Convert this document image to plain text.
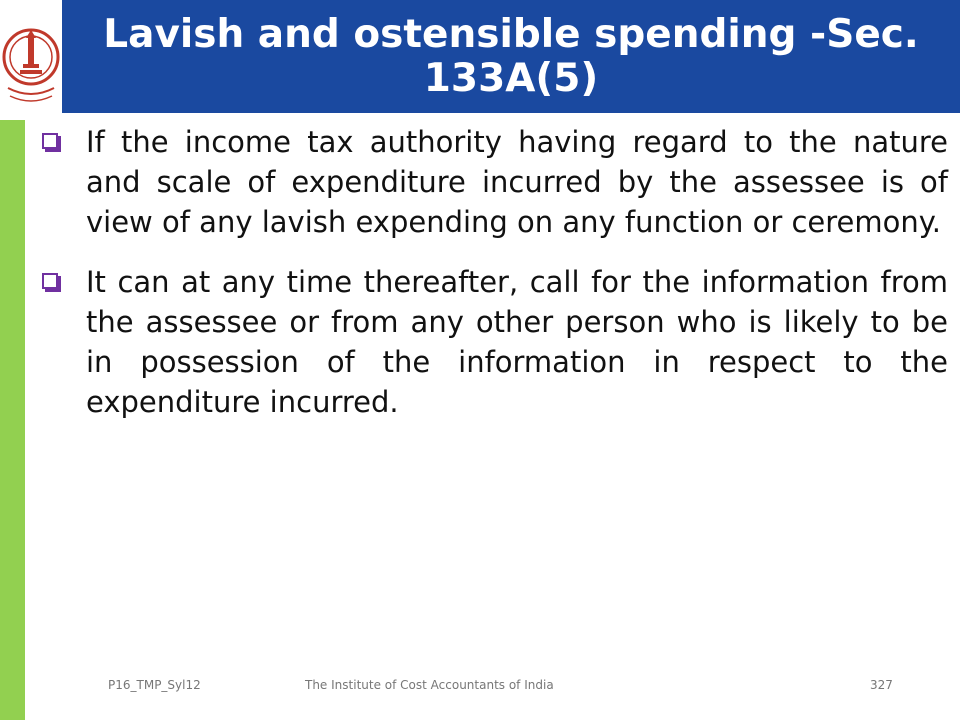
Lavish and ostensible spending -Sec. 133A(5)

If the income tax authority having regard to the nature and scale of expenditure incurred by the assessee is of view of any lavish expending on any function or ceremony.

It can at any time thereafter, call for the information from the assessee or from any other person who is likely to be in possession of the information in respect to the expenditure incurred.

P16_TMP_Syl12	The Institute of Cost Accountants of India	327
